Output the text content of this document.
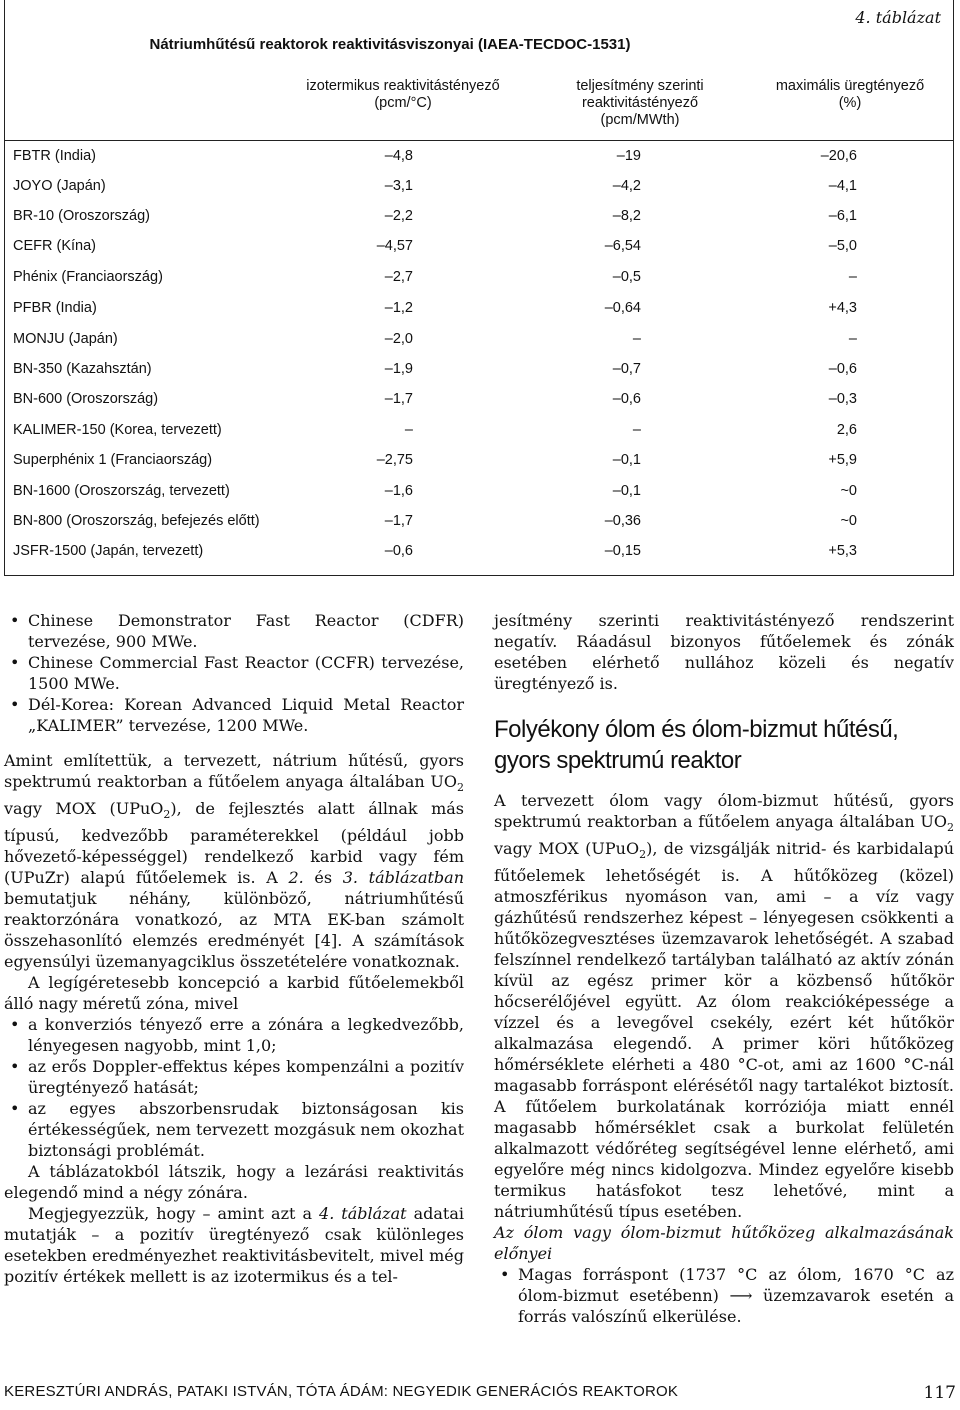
4. táblázat
Nátriumhűtésű reaktorok reaktivitásviszonyai (IAEA-TECDOC-1531)
izotermikus reaktivitástényező
(pcm/°C)
teljesítmény szerinti
reaktivitástényező
(pcm/MWth)
maximális üregtényező
(%)
FBTR (India)	–4,8	–19	–20,6
JOYO (Japán)	–3,1	–4,2	–4,1
BR-10 (Oroszország)	–2,2	–8,2	–6,1
CEFR (Kína)	–4,57	–6,54	–5,0
Phénix (Franciaország)	–2,7	–0,5	–
PFBR (India)	–1,2	–0,64	+4,3
MONJU (Japán)	–2,0	–	–
BN-350 (Kazahsztán)	–1,9	–0,7	–0,6
BN-600 (Oroszország)	–1,7	–0,6	–0,3
KALIMER-150 (Korea, tervezett)	–	–	2,6
Superphénix 1 (Franciaország)	–2,75	–0,1	+5,9
BN-1600 (Oroszország, tervezett)	–1,6	–0,1	~0
BN-800 (Oroszország, befejezés előtt)	–1,7	–0,36	~0
JSFR-1500 (Japán, tervezett)	–0,6	–0,15	+5,3

• Chinese Demonstrator Fast Reactor (CDFR) tervezése, 900 MWe.

• Chinese Commercial Fast Reactor (CCFR) tervezése, 1500 MWe.

• Dél-Korea: Korean Advanced Liquid Metal Reactor „KALIMER” tervezése, 1200 MWe.

Amint említettük, a tervezett, nátrium hűtésű, gyors spektrumú reaktorban a fűtőelem anyaga általában $UO_2$ vagy MOX (UPuO$_2$), de fejlesztés alatt állnak más típusú, kedvezőbb paraméterekkel (például jobb hővezető-képességgel) rendelkező karbid vagy fém (UPuZr) alapú fűtőelemek is. A 2. és 3. táblázatban bemutatjuk néhány, különböző, nátriumhűtésű reaktorzónára vonatkozó, az MTA EK-ban számolt összehasonlító elemzés eredményét [4]. A számítások egyensúlyi üzemanyagciklus összetételére vonatkoznak.

A legígéretesebb koncepció a karbid fűtőelemekből álló nagy méretű zóna, mivel

• a konverziós tényező erre a zónára a legkedvezőbb, lényegesen nagyobb, mint 1,0;

• az erős Doppler-effektus képes kompenzálni a pozitív üregtényező hatását;

• az egyes abszorbensrudak biztonságosan kis értékességűek, nem tervezett mozgásuk nem okozhat biztonsági problémát.

A táblázatokból látszik, hogy a lezárási reaktivitás elegendő mind a négy zónára.

Megjegyezzük, hogy – amint azt a 4. táblázat adatai mutatják – a pozitív üregtényező csak különleges esetekben eredményezhet reaktivitásbevitelt, mivel még pozitív értékek mellett is az izotermikus és a tel-

jesítmény szerinti reaktivitástényező rendszerint negatív. Ráadásul bizonyos fűtőelemek és zónák esetében elérhető nullához közeli és negatív üregtényező is.

Folyékony ólom és ólom-bizmut hűtésű, gyors spektrumú reaktor

A tervezett ólom vagy ólom-bizmut hűtésű, gyors spektrumú reaktorban a fűtőelem anyaga általában $UO_2$ vagy MOX (UPuO$_2$), de vizsgálják nitrid- és karbidalapú fűtőelemek lehetőségét is. A hűtőközeg (közel) atmoszférikus nyomáson van, ami – a víz vagy gázhűtésű rendszerhez képest – lényegesen csökkenti a hűtőközegvesztéses üzemzavarok lehetőségét. A szabad felszínnel rendelkező tartályban található az aktív zónán kívül az egész primer kör a közbenső hűtőkör hőcserélőjével együtt. Az ólom reakcióképessége a vízzel és a levegővel csekély, ezért két hűtőkör alkalmazása elegendő. A primer köri hűtőközeg hőmérséklete elérheti a 480 °C-ot, ami az 1600 °C-nál magasabb forráspont elérésétől nagy tartalékot biztosít. A fűtőelem burkolatának korróziója miatt ennél magasabb hőmérséklet csak a burkolat felületén alkalmazott védőréteg segítségével lenne elérhető, ami egyelőre még nincs kidolgozva. Mindez egyelőre kisebb termikus hatásfokot tesz lehetővé, mint a nátriumhűtésű típus esetében.

Az ólom vagy ólom-bizmut hűtőközeg alkalmazásának előnyei

• Magas forráspont (1737 °C az ólom, 1670 °C az ólom-bizmut esetébenn) ⟶ üzemzavarok esetén a forrás valószínű elkerülése.

KERESZTÚRI ANDRÁS, PATAKI ISTVÁN, TÓTA ÁDÁM: NEGYEDIK GENERÁCIÓS REAKTOROK	117
